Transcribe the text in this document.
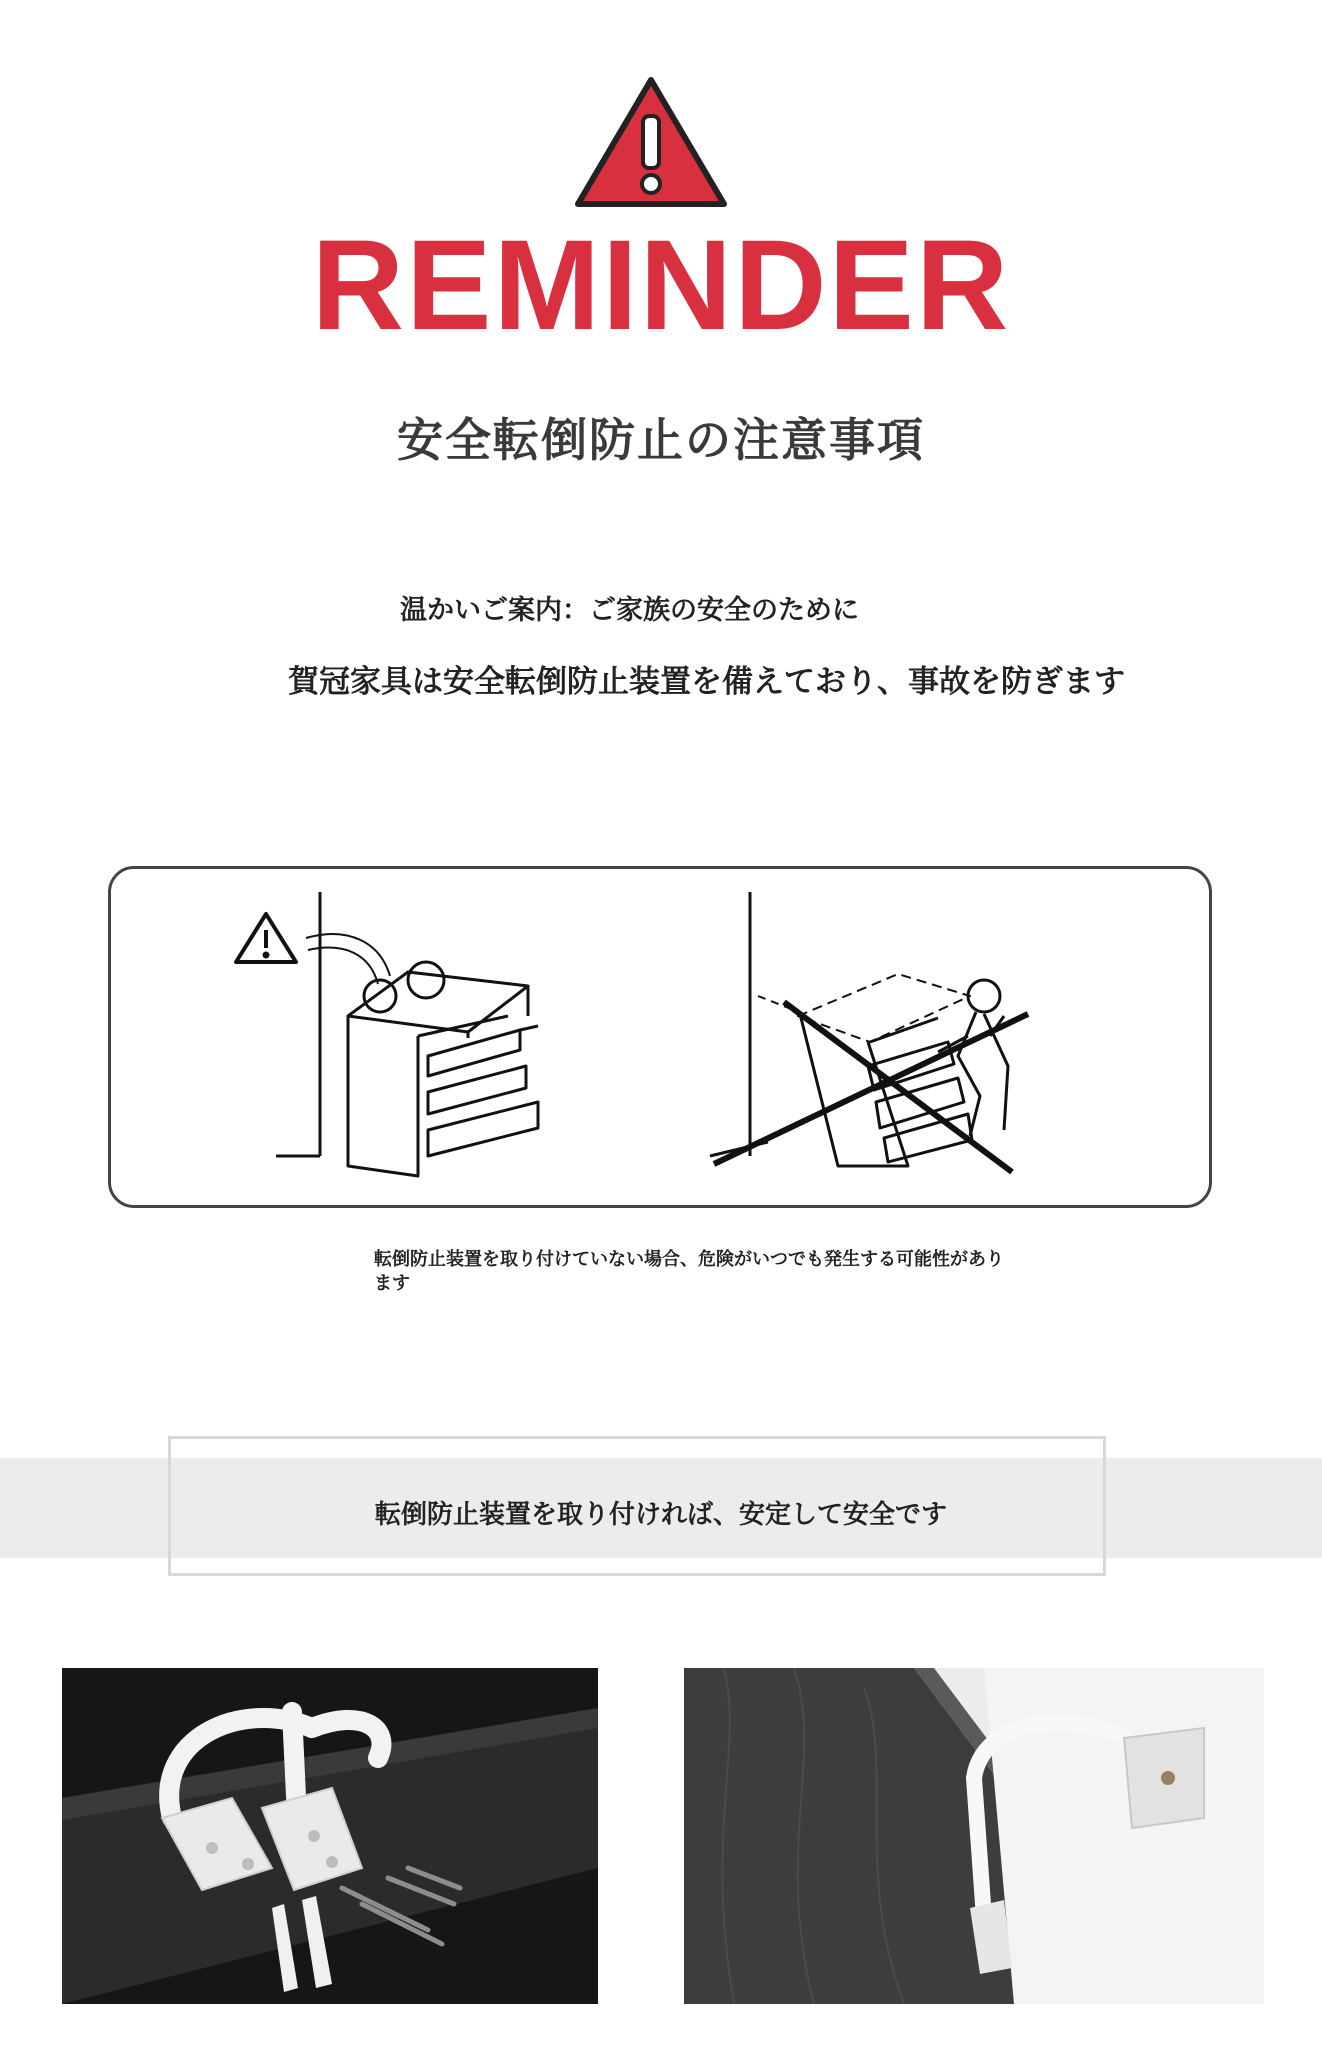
REMINDER
安全転倒防止の注意事項
温かいご案内：ご家族の安全のために
賀冠家具は安全転倒防止装置を備えており、事故を防ぎます
転倒防止装置を取り付けていない場合、危険がいつでも発生する可能性があります
転倒防止装置を取り付ければ、安定して安全です
